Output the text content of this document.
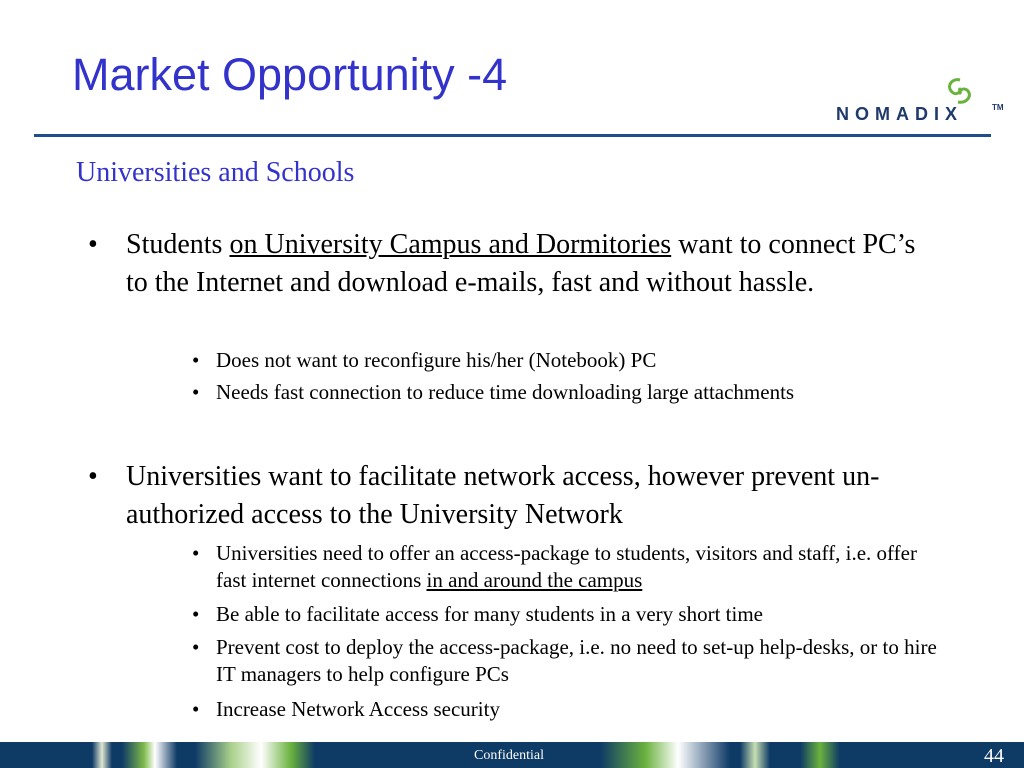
Market Opportunity -4
NOMADIX	TM
Universities and Schools
• Students on University Campus and Dormitories want to connect PC’s to the Internet and download e-mails, fast and without hassle.
• Does not want to reconfigure his/her (Notebook) PC
• Needs fast connection to reduce time downloading large attachments
• Universities want to facilitate network access, however prevent un-authorized access to the University Network
• Universities need to offer an access-package to students, visitors and staff, i.e. offer fast internet connections in and around the campus
• Be able to facilitate access for many students in a very short time
• Prevent cost to deploy the access-package, i.e. no need to set-up help-desks, or to hire IT managers to help configure PCs
• Increase Network Access security
Confidential	44
